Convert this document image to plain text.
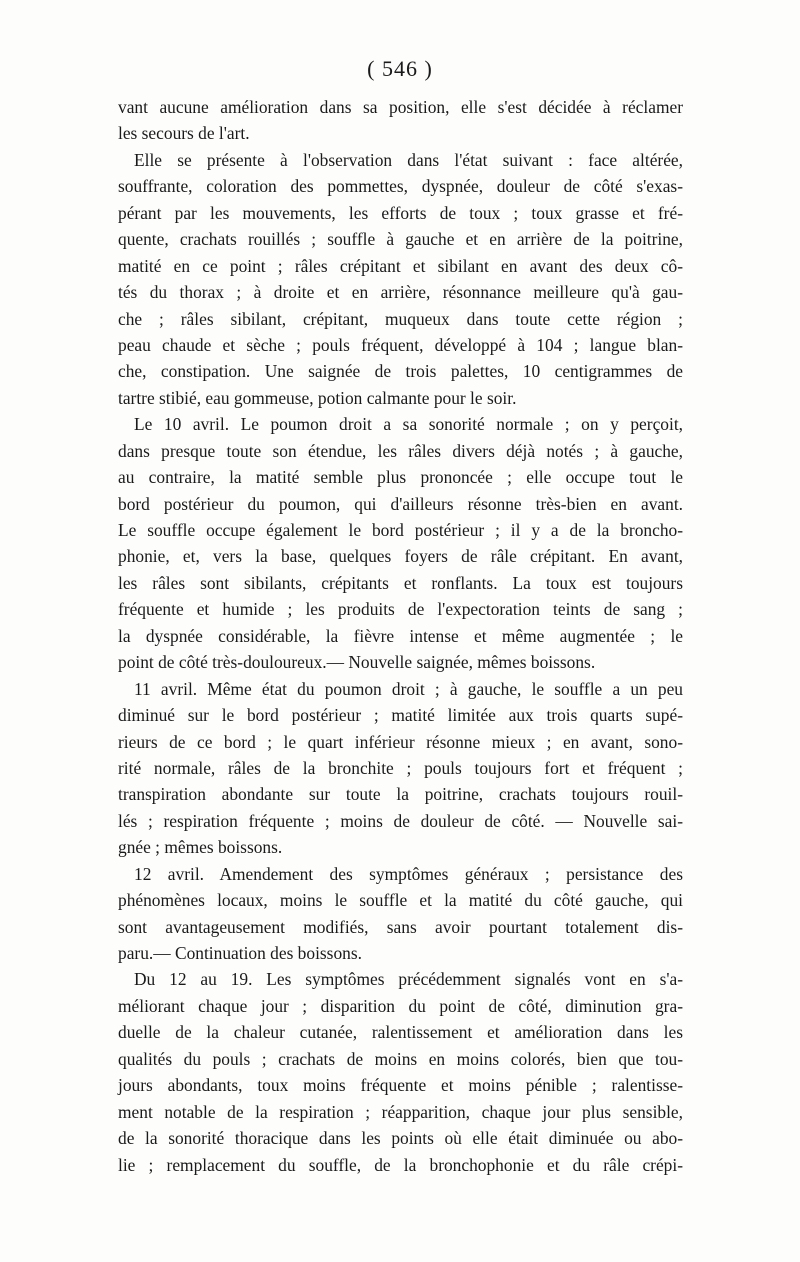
( 546 )
vant aucune amélioration dans sa position, elle s'est décidée à réclamer
les secours de l'art.
Elle se présente à l'observation dans l'état suivant : face altérée,
souffrante, coloration des pommettes, dyspnée, douleur de côté s'exas-
pérant par les mouvements, les efforts de toux ; toux grasse et fré-
quente, crachats rouillés ; souffle à gauche et en arrière de la poitrine,
matité en ce point ; râles crépitant et sibilant en avant des deux cô-
tés du thorax ; à droite et en arrière, résonnance meilleure qu'à gau-
che ; râles sibilant, crépitant, muqueux dans toute cette région ;
peau chaude et sèche ; pouls fréquent, développé à 104 ; langue blan-
che, constipation. Une saignée de trois palettes, 10 centigrammes de
tartre stibié, eau gommeuse, potion calmante pour le soir.
Le 10 avril. Le poumon droit a sa sonorité normale ; on y perçoit,
dans presque toute son étendue, les râles divers déjà notés ; à gauche,
au contraire, la matité semble plus prononcée ; elle occupe tout le
bord postérieur du poumon, qui d'ailleurs résonne très-bien en avant.
Le souffle occupe également le bord postérieur ; il y a de la broncho-
phonie, et, vers la base, quelques foyers de râle crépitant. En avant,
les râles sont sibilants, crépitants et ronflants. La toux est toujours
fréquente et humide ; les produits de l'expectoration teints de sang ;
la dyspnée considérable, la fièvre intense et même augmentée ; le
point de côté très-douloureux.— Nouvelle saignée, mêmes boissons.
11 avril. Même état du poumon droit ; à gauche, le souffle a un peu
diminué sur le bord postérieur ; matité limitée aux trois quarts supé-
rieurs de ce bord ; le quart inférieur résonne mieux ; en avant, sono-
rité normale, râles de la bronchite ; pouls toujours fort et fréquent ;
transpiration abondante sur toute la poitrine, crachats toujours rouil-
lés ; respiration fréquente ; moins de douleur de côté. — Nouvelle sai-
gnée ; mêmes boissons.
12 avril. Amendement des symptômes généraux ; persistance des
phénomènes locaux, moins le souffle et la matité du côté gauche, qui
sont avantageusement modifiés, sans avoir pourtant totalement dis-
paru.— Continuation des boissons.
Du 12 au 19. Les symptômes précédemment signalés vont en s'a-
méliorant chaque jour ; disparition du point de côté, diminution gra-
duelle de la chaleur cutanée, ralentissement et amélioration dans les
qualités du pouls ; crachats de moins en moins colorés, bien que tou-
jours abondants, toux moins fréquente et moins pénible ; ralentisse-
ment notable de la respiration ; réapparition, chaque jour plus sensible,
de la sonorité thoracique dans les points où elle était diminuée ou abo-
lie ; remplacement du souffle, de la bronchophonie et du râle crépi-
